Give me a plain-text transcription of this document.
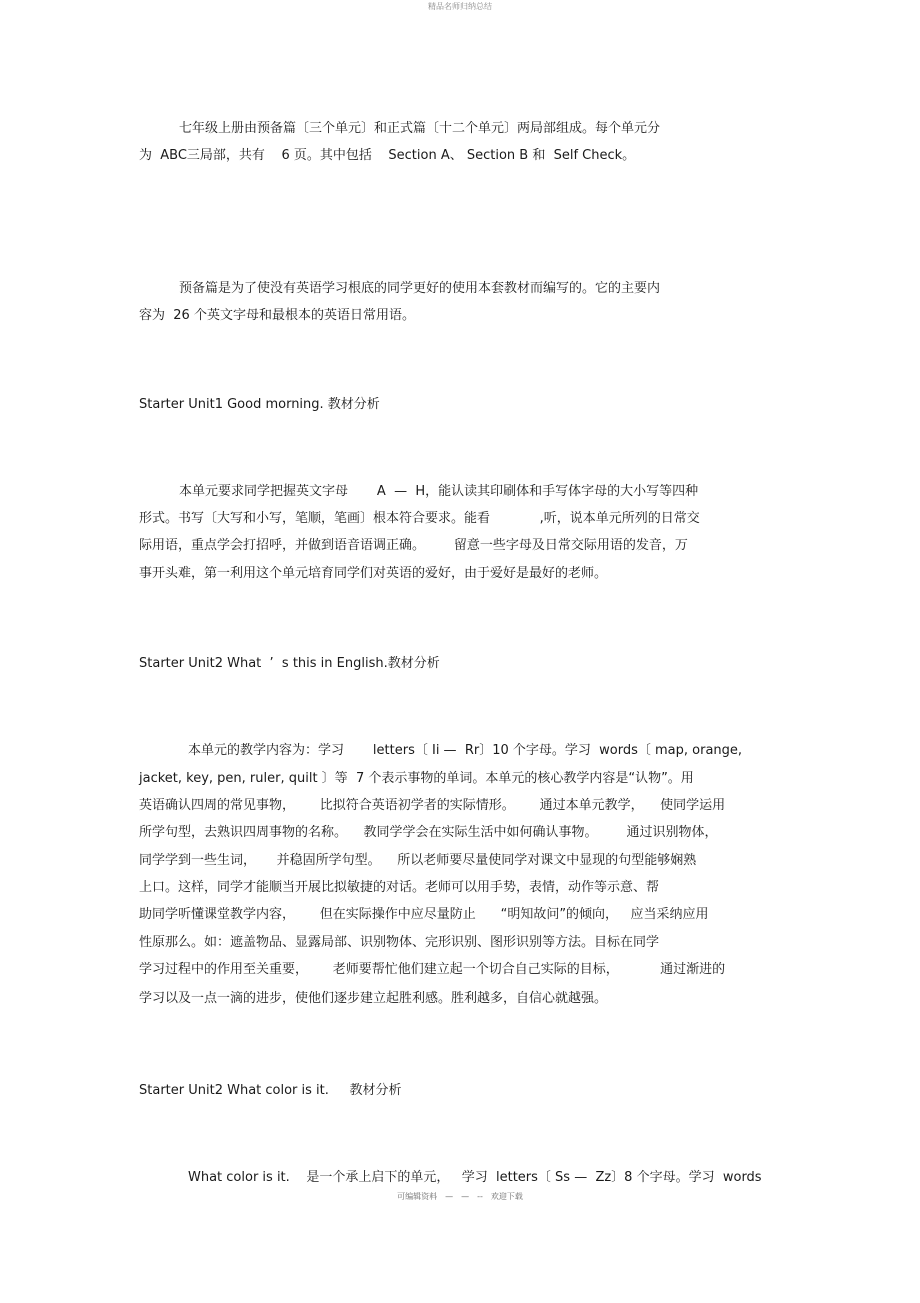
精品名师归纳总结
七年级上册由预备篇〔三个单元〕和正式篇〔十二个单元〕两局部组成。每个单元分
为  ABC三局部，共有    6 页。其中包括    Section A、 Section B 和  Self Check。
预备篇是为了使没有英语学习根底的同学更好的使用本套教材而编写的。它的主要内
容为  26 个英文字母和最根本的英语日常用语。
Starter Unit1 Good morning. 教材分析
本单元要求同学把握英文字母       A  —  H，能认读其印刷体和手写体字母的大小写等四种
形式。书写〔大写和小写，笔顺，笔画〕根本符合要求。能看            ,听，说本单元所列的日常交
际用语，重点学会打招呼，并做到语音语调正确。       留意一些字母及日常交际用语的发音，万
事开头难，第一利用这个单元培育同学们对英语的爱好，由于爱好是最好的老师。
Starter Unit2 What  ’  s this in English.教材分析
本单元的教学内容为：学习       letters〔 Ii —  Rr〕10 个字母。学习  words〔 map, orange,
jacket, key, pen, ruler, quilt 〕等  7 个表示事物的单词。本单元的核心教学内容是“认物”。用
英语确认四周的常见事物，      比拟符合英语初学者的实际情形。      通过本单元教学，    使同学运用
所学句型，去熟识四周事物的名称。    教同学学会在实际生活中如何确认事物。       通过识别物体，
同学学到一些生词，     并稳固所学句型。    所以老师要尽量使同学对课文中显现的句型能够娴熟
上口。这样，同学才能顺当开展比拟敏捷的对话。老师可以用手势，表情，动作等示意、帮
助同学听懂课堂教学内容，      但在实际操作中应尽量防止      “明知故问”的倾向，   应当采纳应用
性原那么。如：遮盖物品、显露局部、识别物体、完形识别、图形识别等方法。目标在同学
学习过程中的作用至关重要，      老师要帮忙他们建立起一个切合自己实际的目标，          通过渐进的
学习以及一点一滴的进步，使他们逐步建立起胜利感。胜利越多，自信心就越强。
Starter Unit2 What color is it.     教材分析
What color is it.    是一个承上启下的单元，   学习  letters〔 Ss —  Zz〕8 个字母。学习  words
可编辑资料　—　—　--　欢迎下载
